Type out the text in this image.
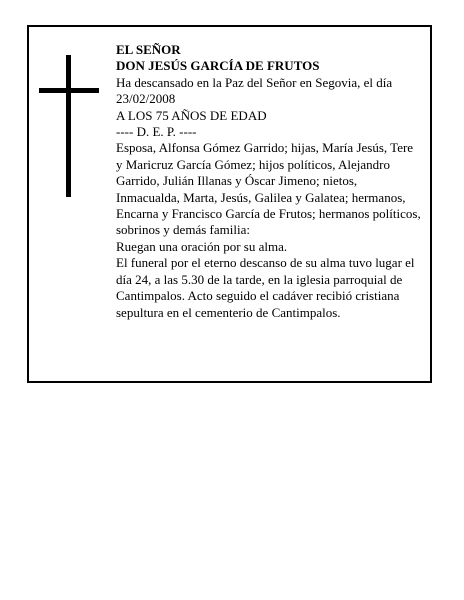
EL SEÑOR

DON JESÚS GARCÍA DE FRUTOS

Ha descansado en la Paz del Señor en Segovia, el día 23/02/2008

A LOS 75 AÑOS DE EDAD

---- D. E. P. ----

Esposa, Alfonsa Gómez Garrido; hijas, María Jesús, Tere y Maricruz García Gómez; hijos políticos, Alejandro Garrido, Julián Illanas y Óscar Jimeno; nietos, Inmacualda, Marta, Jesús, Galilea y Galatea; hermanos, Encarna y Francisco García de Frutos; hermanos políticos, sobrinos y demás familia:

Ruegan una oración por su alma.

El funeral por el eterno descanso de su alma tuvo lugar el día 24, a las 5.30 de la tarde, en la iglesia parroquial de Cantimpalos. Acto seguido el cadáver recibió cristiana sepultura en el cementerio de Cantimpalos.
